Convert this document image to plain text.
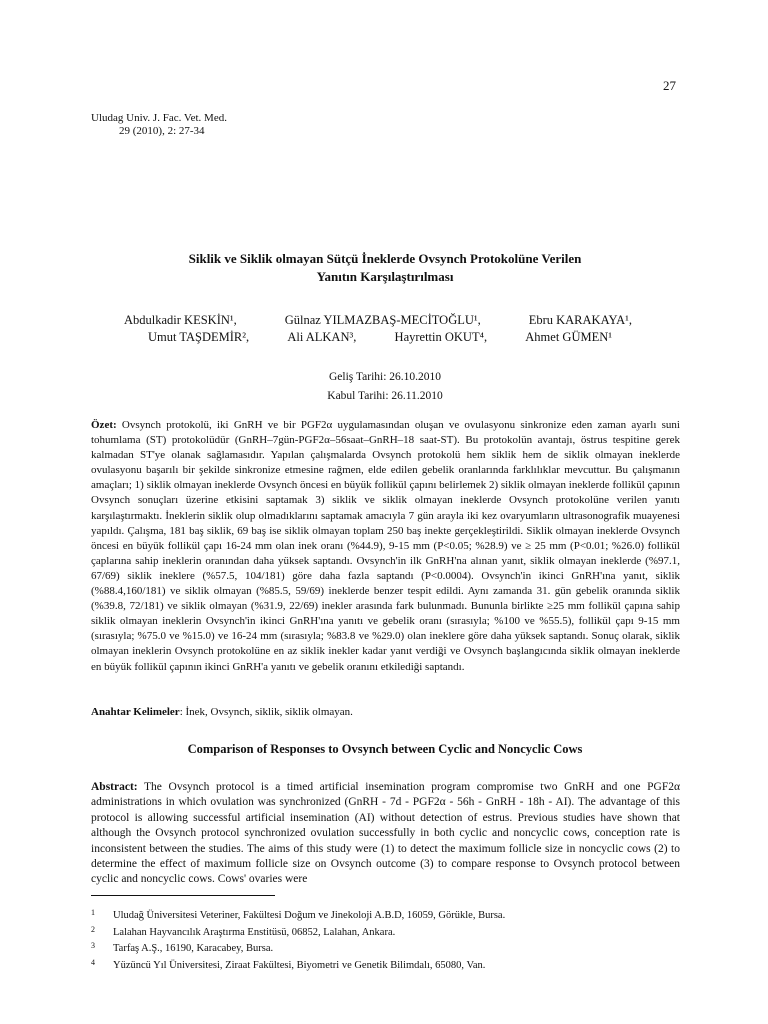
27
Uludag Univ. J. Fac. Vet. Med.
29 (2010), 2: 27-34
Siklik ve Siklik olmayan Sütçü İneklerde Ovsynch Protokolüne Verilen
Yanıtın Karşılaştırılması
Abdulkadir KESKİN¹,	Gülnaz YILMAZBAŞ-MECİTOĞLU¹,	Ebru KARAKAYA¹,
Umut TAŞDEMİR²,	Ali ALKAN³,	Hayrettin OKUT⁴,	Ahmet GÜMEN¹
Geliş Tarihi: 26.10.2010
Kabul Tarihi: 26.11.2010
Özet: Ovsynch protokolü, iki GnRH ve bir PGF2α uygulamasından oluşan ve ovulasyonu sinkronize eden zaman ayarlı suni tohumlama (ST) protokolüdür (GnRH–7gün-PGF2α–56saat–GnRH–18 saat-ST). Bu protokolün avantajı, östrus tespitine gerek kalmadan ST'ye olanak sağlamasıdır. Yapılan çalışmalarda Ovsynch protokolü hem siklik hem de siklik olmayan ineklerde ovulasyonu başarılı bir şekilde sinkronize etmesine rağmen, elde edilen gebelik oranlarında farklılıklar mevcuttur. Bu çalışmanın amaçları; 1) siklik olmayan ineklerde Ovsynch öncesi en büyük follikül çapını belirlemek 2) siklik olmayan ineklerde follikül çapının Ovsynch sonuçları üzerine etkisini saptamak 3) siklik ve siklik olmayan ineklerde Ovsynch protokolüne verilen yanıtı karşılaştırmaktı. İneklerin siklik olup olmadıklarını saptamak amacıyla 7 gün arayla iki kez ovaryumların ultrasonografik muayenesi yapıldı. Çalışma, 181 baş siklik, 69 baş ise siklik olmayan toplam 250 baş inekte gerçekleştirildi. Siklik olmayan ineklerde Ovsynch öncesi en büyük follikül çapı 16-24 mm olan inek oranı (%44.9), 9-15 mm (P<0.05; %28.9) ve ≥ 25 mm (P<0.01; %26.0) follikül çaplarına sahip ineklerin oranından daha yüksek saptandı. Ovsynch'in ilk GnRH'na alınan yanıt, siklik olmayan ineklerde (%97.1, 67/69) siklik ineklere (%57.5, 104/181) göre daha fazla saptandı (P<0.0004). Ovsynch'in ikinci GnRH'ına yanıt, siklik (%88.4,160/181) ve siklik olmayan (%85.5, 59/69) ineklerde benzer tespit edildi. Aynı zamanda 31. gün gebelik oranında siklik (%39.8, 72/181) ve siklik olmayan (%31.9, 22/69) inekler arasında fark bulunmadı. Bununla birlikte ≥25 mm follikül çapına sahip siklik olmayan ineklerin Ovsynch'in ikinci GnRH'ına yanıtı ve gebelik oranı (sırasıyla; %100 ve %55.5), follikül çapı 9-15 mm (sırasıyla; %75.0 ve %15.0) ve 16-24 mm (sırasıyla; %83.8 ve %29.0) olan ineklere göre daha yüksek saptandı. Sonuç olarak, siklik olmayan ineklerin Ovsynch protokolüne en az siklik inekler kadar yanıt verdiği ve Ovsynch başlangıcında siklik olmayan ineklerde en büyük follikül çapının ikinci GnRH'a yanıtı ve gebelik oranını etkilediği saptandı.
Anahtar Kelimeler: İnek, Ovsynch, siklik, siklik olmayan.
Comparison of Responses to Ovsynch between Cyclic and Noncyclic Cows
Abstract: The Ovsynch protocol is a timed artificial insemination program compromise two GnRH and one PGF2α administrations in which ovulation was synchronized (GnRH - 7d - PGF2α - 56h - GnRH - 18h - AI). The advantage of this protocol is allowing successful artificial insemination (AI) without detection of estrus. Previous studies have shown that although the Ovsynch protocol synchronized ovulation successfully in both cyclic and noncyclic cows, conception rate is inconsistent between the studies. The aims of this study were (1) to detect the maximum follicle size in noncyclic cows (2) to determine the effect of maximum follicle size on Ovsynch outcome (3) to compare response to Ovsynch protocol between cyclic and noncyclic cows. Cows' ovaries were
1	Uludağ Üniversitesi Veteriner, Fakültesi Doğum ve Jinekoloji A.B.D, 16059, Görükle, Bursa.
2	Lalahan Hayvancılık Araştırma Enstitüsü, 06852, Lalahan, Ankara.
3	Tarfaş A.Ş., 16190, Karacabey, Bursa.
4	Yüzüncü Yıl Üniversitesi, Ziraat Fakültesi, Biyometri ve Genetik Bilimdalı, 65080, Van.
